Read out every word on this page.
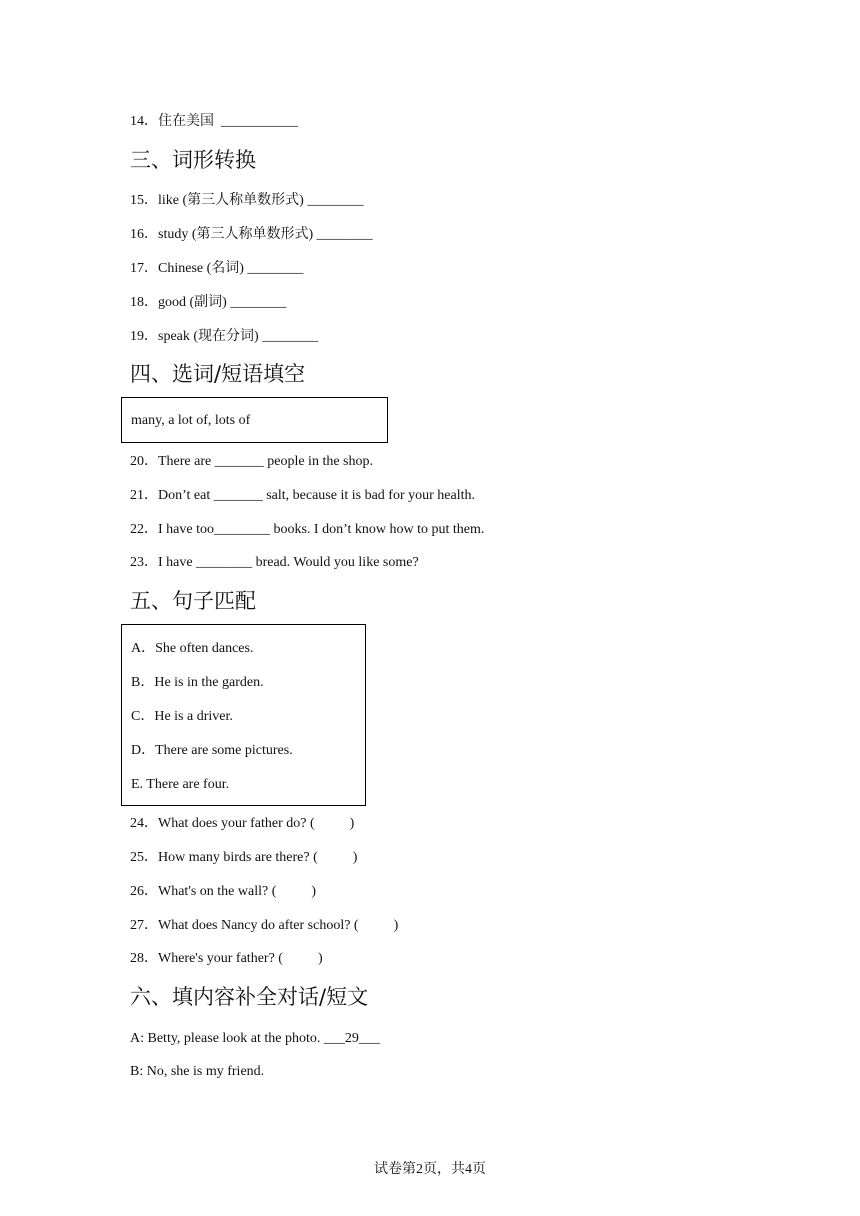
14．住在美国  ___________
三、词形转换
15．like (第三人称单数形式) ________
16．study (第三人称单数形式) ________
17．Chinese (名词) ________
18．good (副词) ________
19．speak (现在分词) ________
四、选词/短语填空
many, a lot of, lots of
20．There are _______ people in the shop.
21．Don’t eat _______ salt, because it is bad for your health.
22．I have too________ books. I don’t know how to put them.
23．I have ________ bread. Would you like some?
五、句子匹配
A．She often dances.
B．He is in the garden.
C．He is a driver.
D．There are some pictures.
E. There are four.
24．What does your father do? (          )
25．How many birds are there? (          )
26．What's on the wall? (          )
27．What does Nancy do after school? (          )
28．Where's your father? (          )
六、填内容补全对话/短文
A: Betty, please look at the photo. ___29___
B: No, she is my friend.
试卷第2页，共4页
